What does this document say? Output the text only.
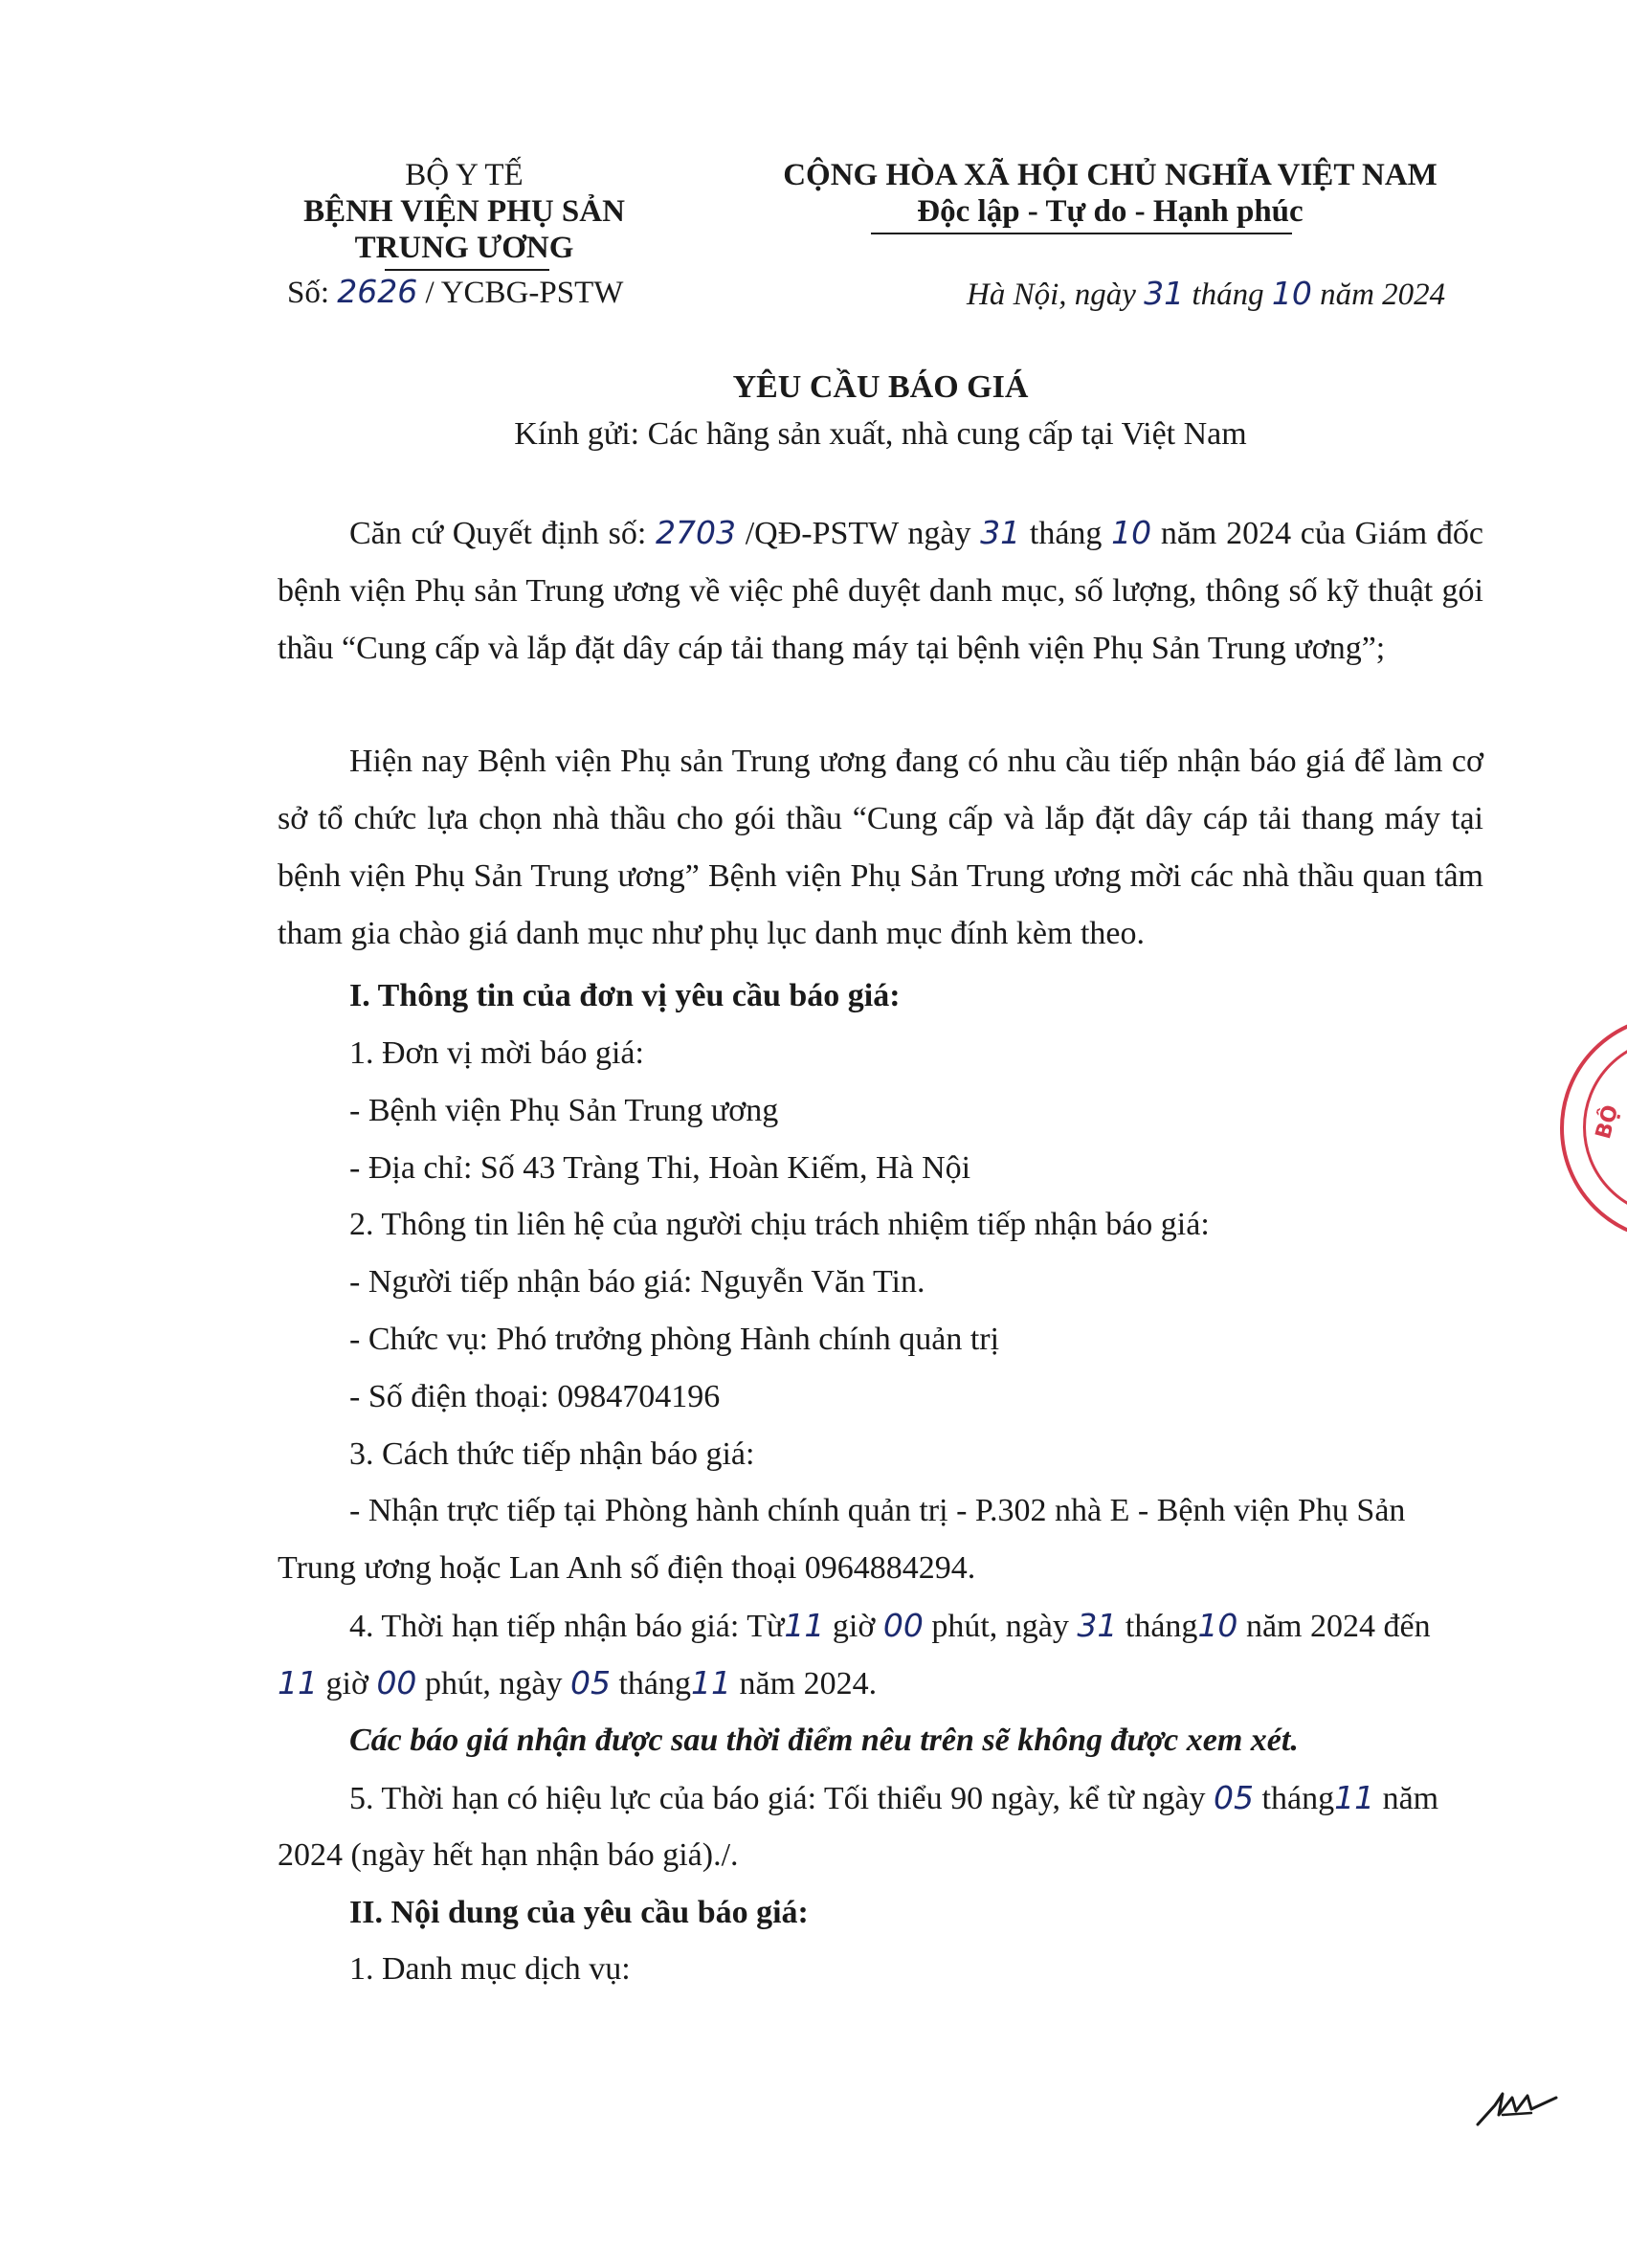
BỘ Y TẾ
BỆNH VIỆN PHỤ SẢN
TRUNG ƯƠNG
Số: 2626 / YCBG-PSTW
CỘNG HÒA XÃ HỘI CHỦ NGHĨA VIỆT NAM
Độc lập - Tự do - Hạnh phúc
Hà Nội, ngày 31 tháng 10 năm 2024
YÊU CẦU BÁO GIÁ
Kính gửi: Các hãng sản xuất, nhà cung cấp tại Việt Nam
Căn cứ Quyết định số: 2703 /QĐ-PSTW ngày 31 tháng 10 năm 2024 của Giám đốc bệnh viện Phụ sản Trung ương về việc phê duyệt danh mục, số lượng, thông số kỹ thuật gói thầu “Cung cấp và lắp đặt dây cáp tải thang máy tại bệnh viện Phụ Sản Trung ương”;
Hiện nay Bệnh viện Phụ sản Trung ương đang có nhu cầu tiếp nhận báo giá để làm cơ sở tổ chức lựa chọn nhà thầu cho gói thầu “Cung cấp và lắp đặt dây cáp tải thang máy tại bệnh viện Phụ Sản Trung ương” Bệnh viện Phụ Sản Trung ương mời các nhà thầu quan tâm tham gia chào giá danh mục như phụ lục danh mục đính kèm theo.
I. Thông tin của đơn vị yêu cầu báo giá:
1. Đơn vị mời báo giá:
- Bệnh viện Phụ Sản Trung ương
- Địa chỉ: Số 43 Tràng Thi, Hoàn Kiếm, Hà Nội
2. Thông tin liên hệ của người chịu trách nhiệm tiếp nhận báo giá:
- Người tiếp nhận báo giá: Nguyễn Văn Tin.
- Chức vụ: Phó trưởng phòng Hành chính quản trị
- Số điện thoại: 0984704196
3. Cách thức tiếp nhận báo giá:
- Nhận trực tiếp tại Phòng hành chính quản trị - P.302 nhà E - Bệnh viện Phụ Sản
Trung ương hoặc Lan Anh số điện thoại 0964884294.
4. Thời hạn tiếp nhận báo giá: Từ11 giờ 00 phút, ngày 31 tháng10 năm 2024 đến
11 giờ 00 phút, ngày 05 tháng11 năm 2024.
Các báo giá nhận được sau thời điểm nêu trên sẽ không được xem xét.
5. Thời hạn có hiệu lực của báo giá: Tối thiểu 90 ngày, kể từ ngày 05 tháng11 năm
2024 (ngày hết hạn nhận báo giá)./.
II. Nội dung của yêu cầu báo giá:
1. Danh mục dịch vụ:
BỘ
